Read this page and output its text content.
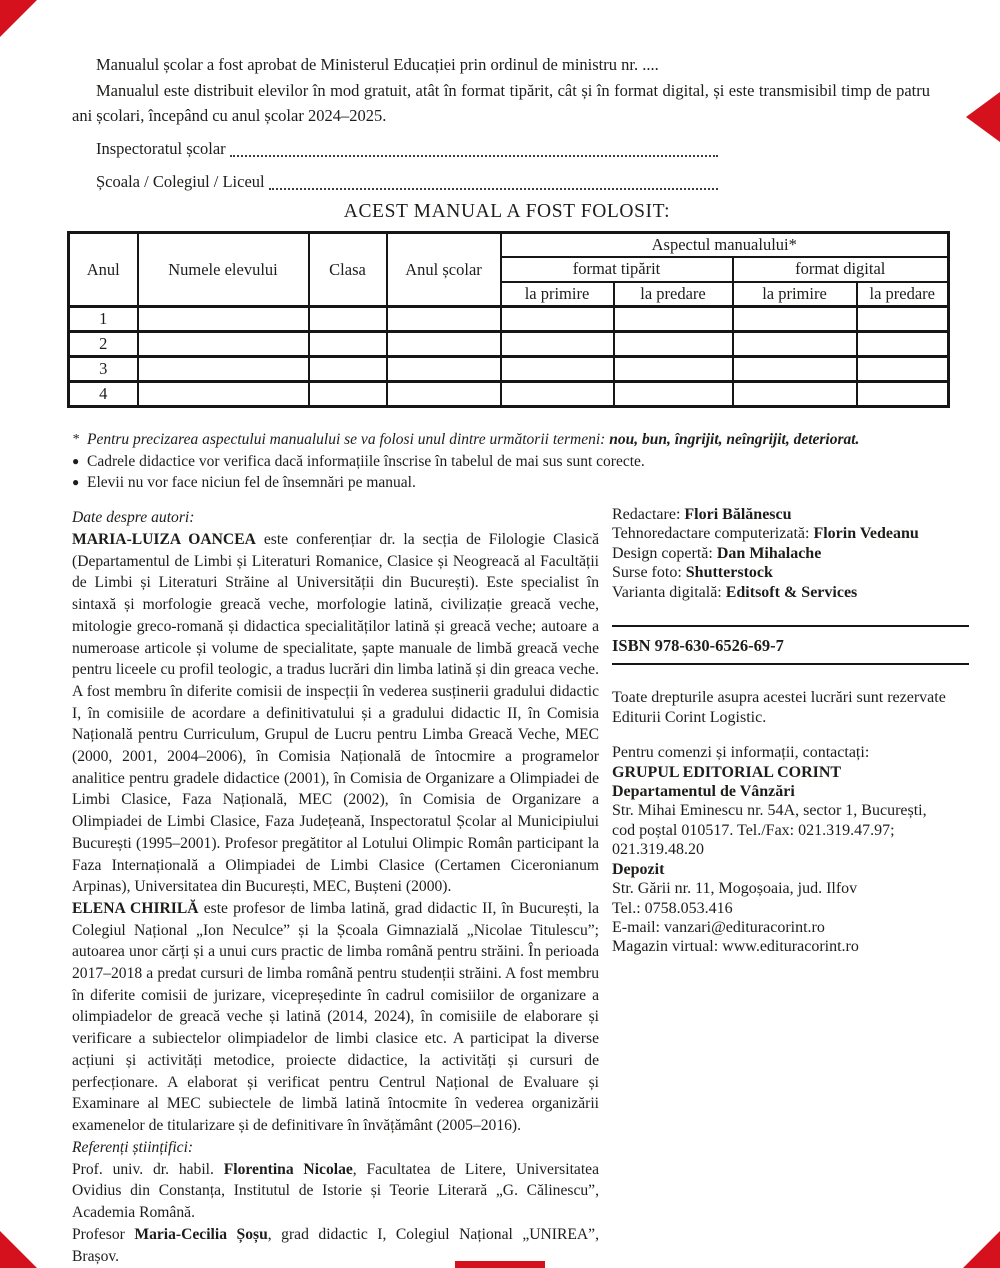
Manualul școlar a fost aprobat de Ministerul Educației prin ordinul de ministru nr. ....

Manualul este distribuit elevilor în mod gratuit, atât în format tipărit, cât și în format digital, și este transmisibil timp de patru ani școlari, începând cu anul școlar 2024–2025.

Inspectoratul școlar
Școala / Colegiul / Liceul
ACEST MANUAL A FOST FOLOSIT:
Anul	Numele elevului	Clasa	Anul școlar	Aspectul manualului*			
				format tipărit		format digital	
				la primire	la predare	la primire	la predare
1							
2							
3							
4							
* Pentru precizarea aspectului manualului se va folosi unul dintre următorii termeni: nou, bun, îngrijit, neîngrijit, deteriorat.
● Cadrele didactice vor verifica dacă informațiile înscrise în tabelul de mai sus sunt corecte.
● Elevii nu vor face niciun fel de însemnări pe manual.

Date despre autori:

MARIA-LUIZA OANCEA este conferențiar dr. la secția de Filologie Clasică (Departamentul de Limbi și Literaturi Romanice, Clasice și Neogreacă al Facultății de Limbi și Literaturi Străine al Universității din București). Este specialist în sintaxă și morfologie greacă veche, morfologie latină, civilizație greacă veche, mitologie greco-romană și didactica specialităților latină și greacă veche; autoare a numeroase articole și volume de specialitate, șapte manuale de limbă greacă veche pentru liceele cu profil teologic, a tradus lucrări din limba latină și din greaca veche. A fost membru în diferite comisii de inspecții în vederea susținerii gradului didactic I, în comisiile de acordare a definitivatului și a gradului didactic II, în Comisia Națională pentru Curriculum, Grupul de Lucru pentru Limba Greacă Veche, MEC (2000, 2001, 2004–2006), în Comisia Națională de întocmire a programelor analitice pentru gradele didactice (2001), în Comisia de Organizare a Olimpiadei de Limbi Clasice, Faza Națională, MEC (2002), în Comisia de Organizare a Olimpiadei de Limbi Clasice, Faza Județeană, Inspectoratul Școlar al Municipiului București (1995–2001). Profesor pregătitor al Lotului Olimpic Român participant la Faza Internațională a Olimpiadei de Limbi Clasice (Certamen Ciceronianum Arpinas), Universitatea din București, MEC, Bușteni (2000).

ELENA CHIRILĂ este profesor de limba latină, grad didactic II, în București, la Colegiul Național „Ion Neculce” și la Școala Gimnazială „Nicolae Titulescu”; autoarea unor cărți și a unui curs practic de limba română pentru străini. În perioada 2017–2018 a predat cursuri de limba română pentru studenții străini. A fost membru în diferite comisii de jurizare, vicepreședinte în cadrul comisiilor de organizare a olimpiadelor de greacă veche și latină (2014, 2024), în comisiile de elaborare și verificare a subiectelor olimpiadelor de limbi clasice etc. A participat la diverse acțiuni și activități metodice, proiecte didactice, la activități și cursuri de perfecționare. A elaborat și verificat pentru Centrul Național de Evaluare și Examinare al MEC subiectele de limbă latină întocmite în vederea organizării examenelor de titularizare și de definitivare în învățământ (2005–2016).

Referenți științifici:

Prof. univ. dr. habil. Florentina Nicolae, Facultatea de Litere, Universitatea Ovidius din Constanța, Institutul de Istorie și Teorie Literară „G. Călinescu”, Academia Română.

Profesor Maria-Cecilia Șoșu, grad didactic I, Colegiul Național „UNIREA”, Brașov.

Redactare: Flori Bălănescu
Tehnoredactare computerizată: Florin Vedeanu
Design copertă: Dan Mihalache
Surse foto: Shutterstock
Varianta digitală: Editsoft & Services
ISBN 978-630-6526-69-7

Toate drepturile asupra acestei lucrări sunt rezervate Editurii Corint Logistic.

Pentru comenzi și informații, contactați:
GRUPUL EDITORIAL CORINT
Departamentul de Vânzări
Str. Mihai Eminescu nr. 54A, sector 1, București,
cod poștal 010517. Tel./Fax: 021.319.47.97;
021.319.48.20
Depozit
Str. Gării nr. 11, Mogoșoaia, jud. Ilfov
Tel.: 0758.053.416
E-mail: vanzari@edituracorint.ro
Magazin virtual: www.edituracorint.ro
